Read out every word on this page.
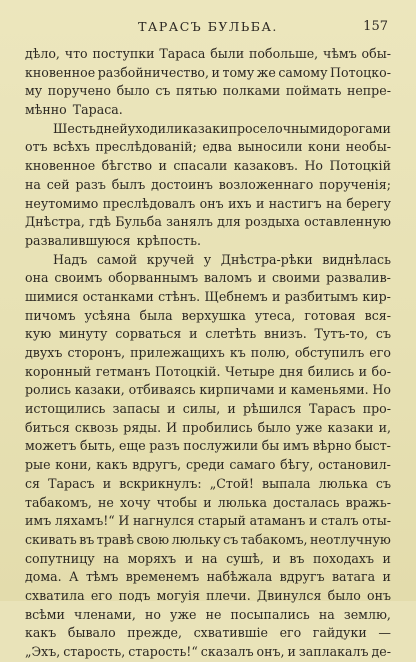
ТАРАСЪ БУЛЬБА.	157
дѣло, что поступки Тараса были побольше, чѣмъ обы-
кновенное разбойничество, и тому же самому Потоцко-
му поручено было съ пятью полками поймать непре-
мѣнно Тараса.
Шесть дней уходили казаки проселочными дорогами
отъ всѣхъ преслѣдованiй; едва выносили кони необы-
кновенное бѣгство и спасали казаковъ. Но Потоцкiй
на сей разъ былъ достоинъ возложеннаго порученiя;
неутомимо преслѣдовалъ онъ ихъ и настигъ на берегу
Днѣстра, гдѣ Бульба занялъ для роздыха оставленную
развалившуюся крѣпость.
Надъ самой кручей у Днѣстра-рѣки виднѣлась
она своимъ оборваннымъ валомъ и своими развалив-
шимися останками стѣнъ. Щебнемъ и разбитымъ кир-
пичомъ усѣяна была верхушка утеса, готовая вся-
кую минуту сорваться и слетѣть внизъ. Тутъ-то, съ
двухъ сторонъ, прилежащихъ къ полю, обступилъ его
коронный гетманъ Потоцкiй. Четыре дня бились и бо-
ролись казаки, отбиваясь кирпичами и каменьями. Но
истощились запасы и силы, и рѣшился Тарасъ про-
биться сквозь ряды. И пробились было уже казаки и,
можетъ быть, еще разъ послужили бы имъ вѣрно быст-
рые кони, какъ вдругъ, среди самаго бѣгу, остановил-
ся Тарасъ и вскрикнулъ: „Стой! выпала люлька съ
табакомъ, не хочу чтобы и люлька досталась вражь-
имъ ляхамъ!“ И нагнулся старый атаманъ и сталъ оты-
скивать въ травѣ свою люльку съ табакомъ, неотлучную
сопутницу на моряхъ и на сушѣ, и въ походахъ и
дома. А тѣмъ временемъ набѣжала вдругъ ватага и
схватила его подъ могуiя плечи. Двинулся было онъ
всѣми членами, но уже не посыпались на землю,
какъ бывало прежде, схватившiе его гайдуки —
„Эхъ, старость, старость!“ сказалъ онъ, и заплакалъ де-
